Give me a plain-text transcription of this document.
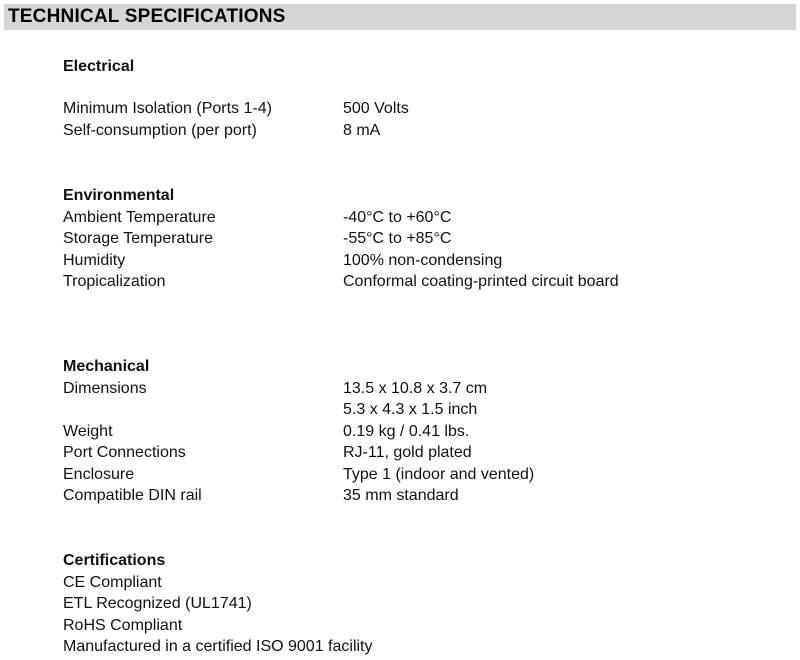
TECHNICAL SPECIFICATIONS
Electrical
Minimum Isolation (Ports 1-4)	500 Volts
Self-consumption (per port)	8 mA
Environmental
Ambient Temperature	-40°C to +60°C
Storage Temperature	-55°C to +85°C
Humidity	100% non-condensing
Tropicalization	Conformal coating-printed circuit board
Mechanical
Dimensions	13.5 x 10.8 x 3.7 cm
5.3 x 4.3 x 1.5 inch
Weight	0.19 kg / 0.41 lbs.
Port Connections	RJ-11, gold plated
Enclosure	Type 1 (indoor and vented)
Compatible DIN rail	35 mm standard
Certifications
CE Compliant
ETL Recognized (UL1741)
RoHS Compliant
Manufactured in a certified ISO 9001 facility
